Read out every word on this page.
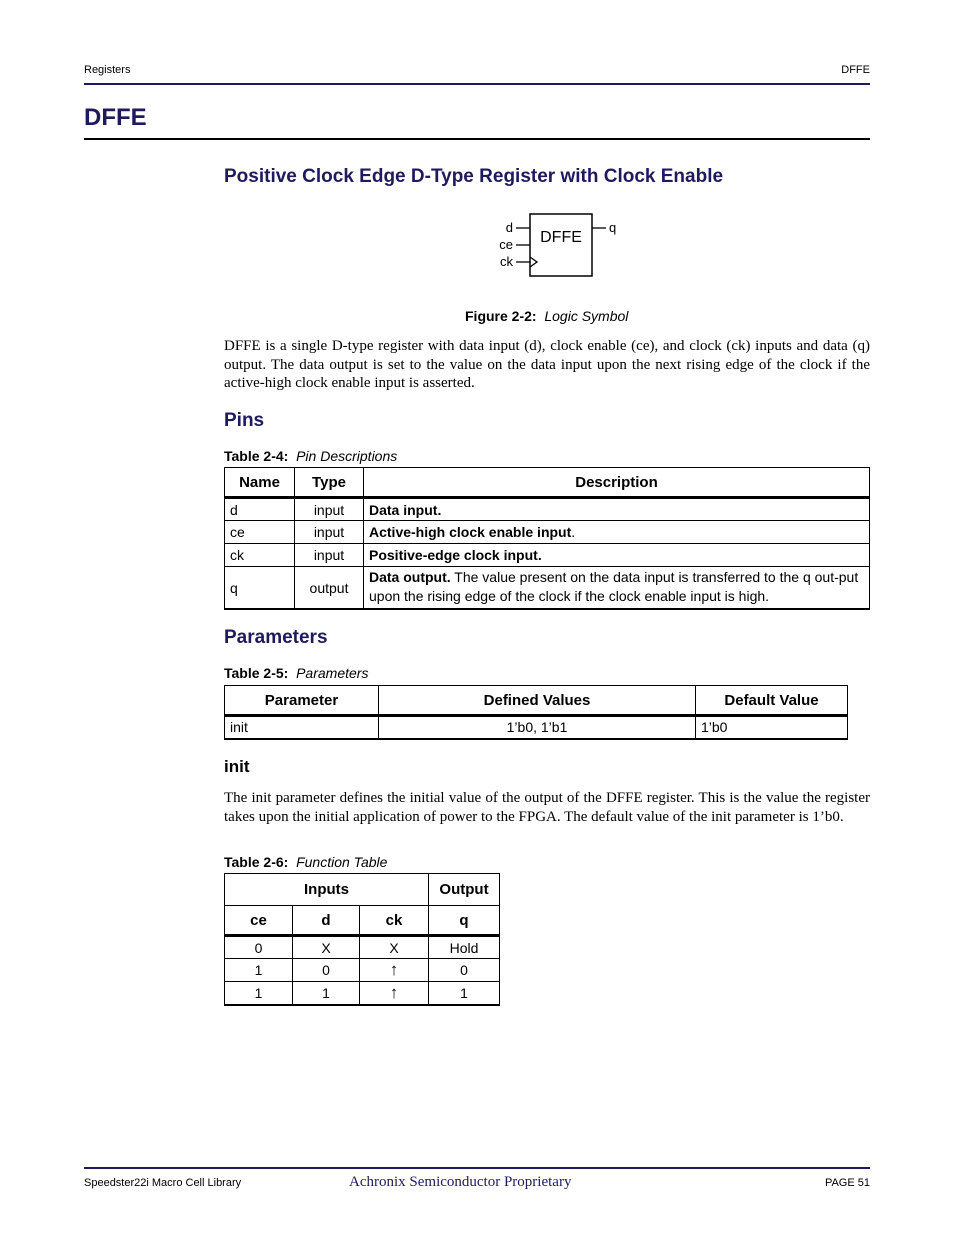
Registers	DFFE
DFFE
Positive Clock Edge D-Type Register with Clock Enable
DFFE
d
ce
ck
q
Figure 2-2: Logic Symbol
DFFE is a single D-type register with data input (d), clock enable (ce), and clock (ck) inputs and data (q) output. The data output is set to the value on the data input upon the next rising edge of the clock if the active-high clock enable input is asserted.
Pins
Table 2-4: Pin Descriptions
Name	Type	Description
d	input	Data input.
ce	input	Active-high clock enable input.
ck	input	Positive-edge clock input.
q	output	Data output. The value present on the data input is transferred to the q out-put upon the rising edge of the clock if the clock enable input is high.
Parameters
Table 2-5: Parameters
Parameter	Defined Values	Default Value
init	1’b0, 1’b1	1’b0
init
The init parameter defines the initial value of the output of the DFFE register. This is the value the register takes upon the initial application of power to the FPGA. The default value of the init parameter is 1’b0.
Table 2-6: Function Table
Inputs			Output
ce	d	ck	q
0	X	X	Hold
1	0	↑	0
1	1	↑	1
Speedster22i Macro Cell Library	Achronix Semiconductor Proprietary	PAGE 51
